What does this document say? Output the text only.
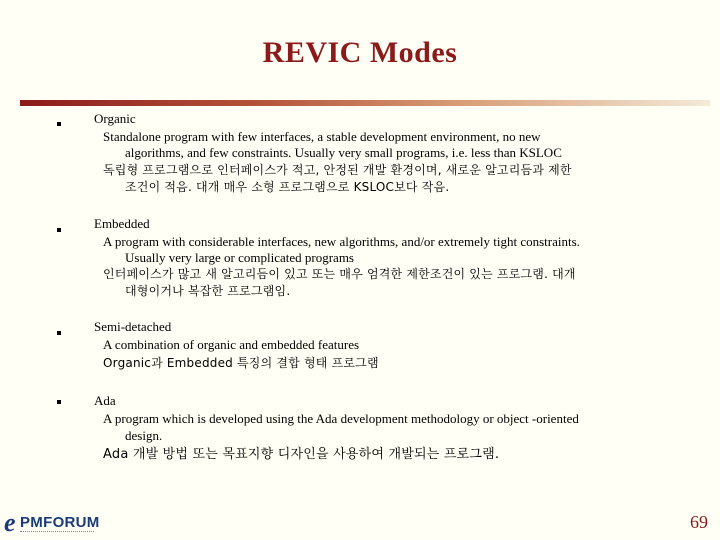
REVIC Modes
Organic
Standalone program with few interfaces, a stable development environment, no new
algorithms, and few constraints. Usually very small programs, i.e. less than KSLOC
독립형 프로그램으로 인터페이스가 적고, 안정된 개발 환경이며, 새로운 알고리듬과 제한
조건이 적음. 대개 매우 소형 프로그램으로 KSLOC보다 작음.
Embedded
A program with considerable interfaces, new algorithms, and/or extremely tight constraints.
Usually very large or complicated programs
인터페이스가 많고 새 알고리듬이 있고 또는 매우 엄격한 제한조건이 있는 프로그램. 대개
대형이거나 복잡한 프로그램임.
Semi-detached
A combination of organic and embedded features
Organic과 Embedded 특징의 결합 형태 프로그램
Ada
A program which is developed using the Ada development methodology or object -oriented
design.
Ada 개발 방법 또는 목표지향 디자인을 사용하여 개발되는 프로그램.
e PMFORUM	69
